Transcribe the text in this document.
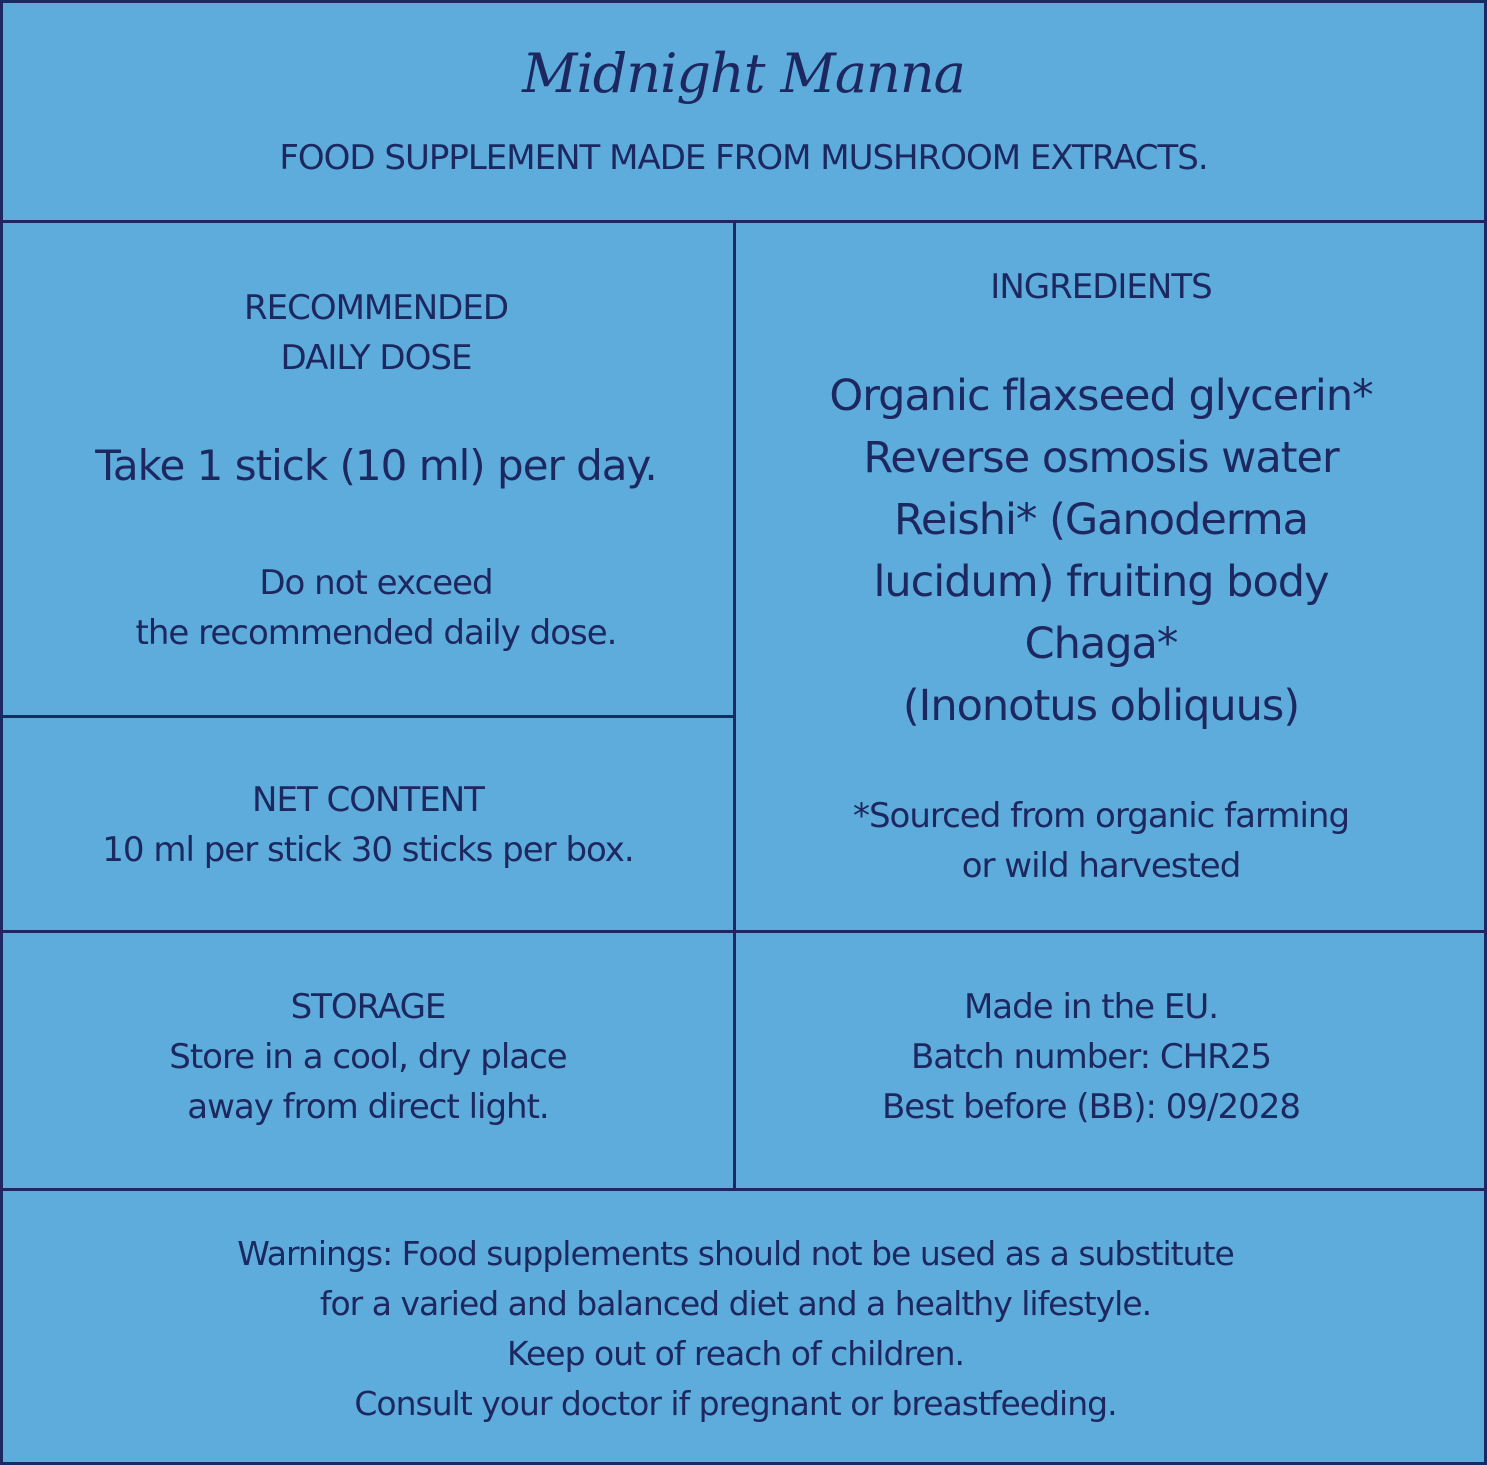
Midnight Manna
FOOD SUPPLEMENT MADE FROM MUSHROOM EXTRACTS.
RECOMMENDED
DAILY DOSE
Take 1 stick (10 ml) per day.
Do not exceed
the recommended daily dose.
NET CONTENT
10 ml per stick 30 sticks per box.
INGREDIENTS
Organic flaxseed glycerin*
Reverse osmosis water
Reishi* (Ganoderma
lucidum) fruiting body
Chaga*
(Inonotus obliquus)
*Sourced from organic farming
or wild harvested
STORAGE
Store in a cool, dry place
away from direct light.
Made in the EU.
Batch number: CHR25
Best before (BB): 09/2028
Warnings: Food supplements should not be used as a substitute
for a varied and balanced diet and a healthy lifestyle.
Keep out of reach of children.
Consult your doctor if pregnant or breastfeeding.
